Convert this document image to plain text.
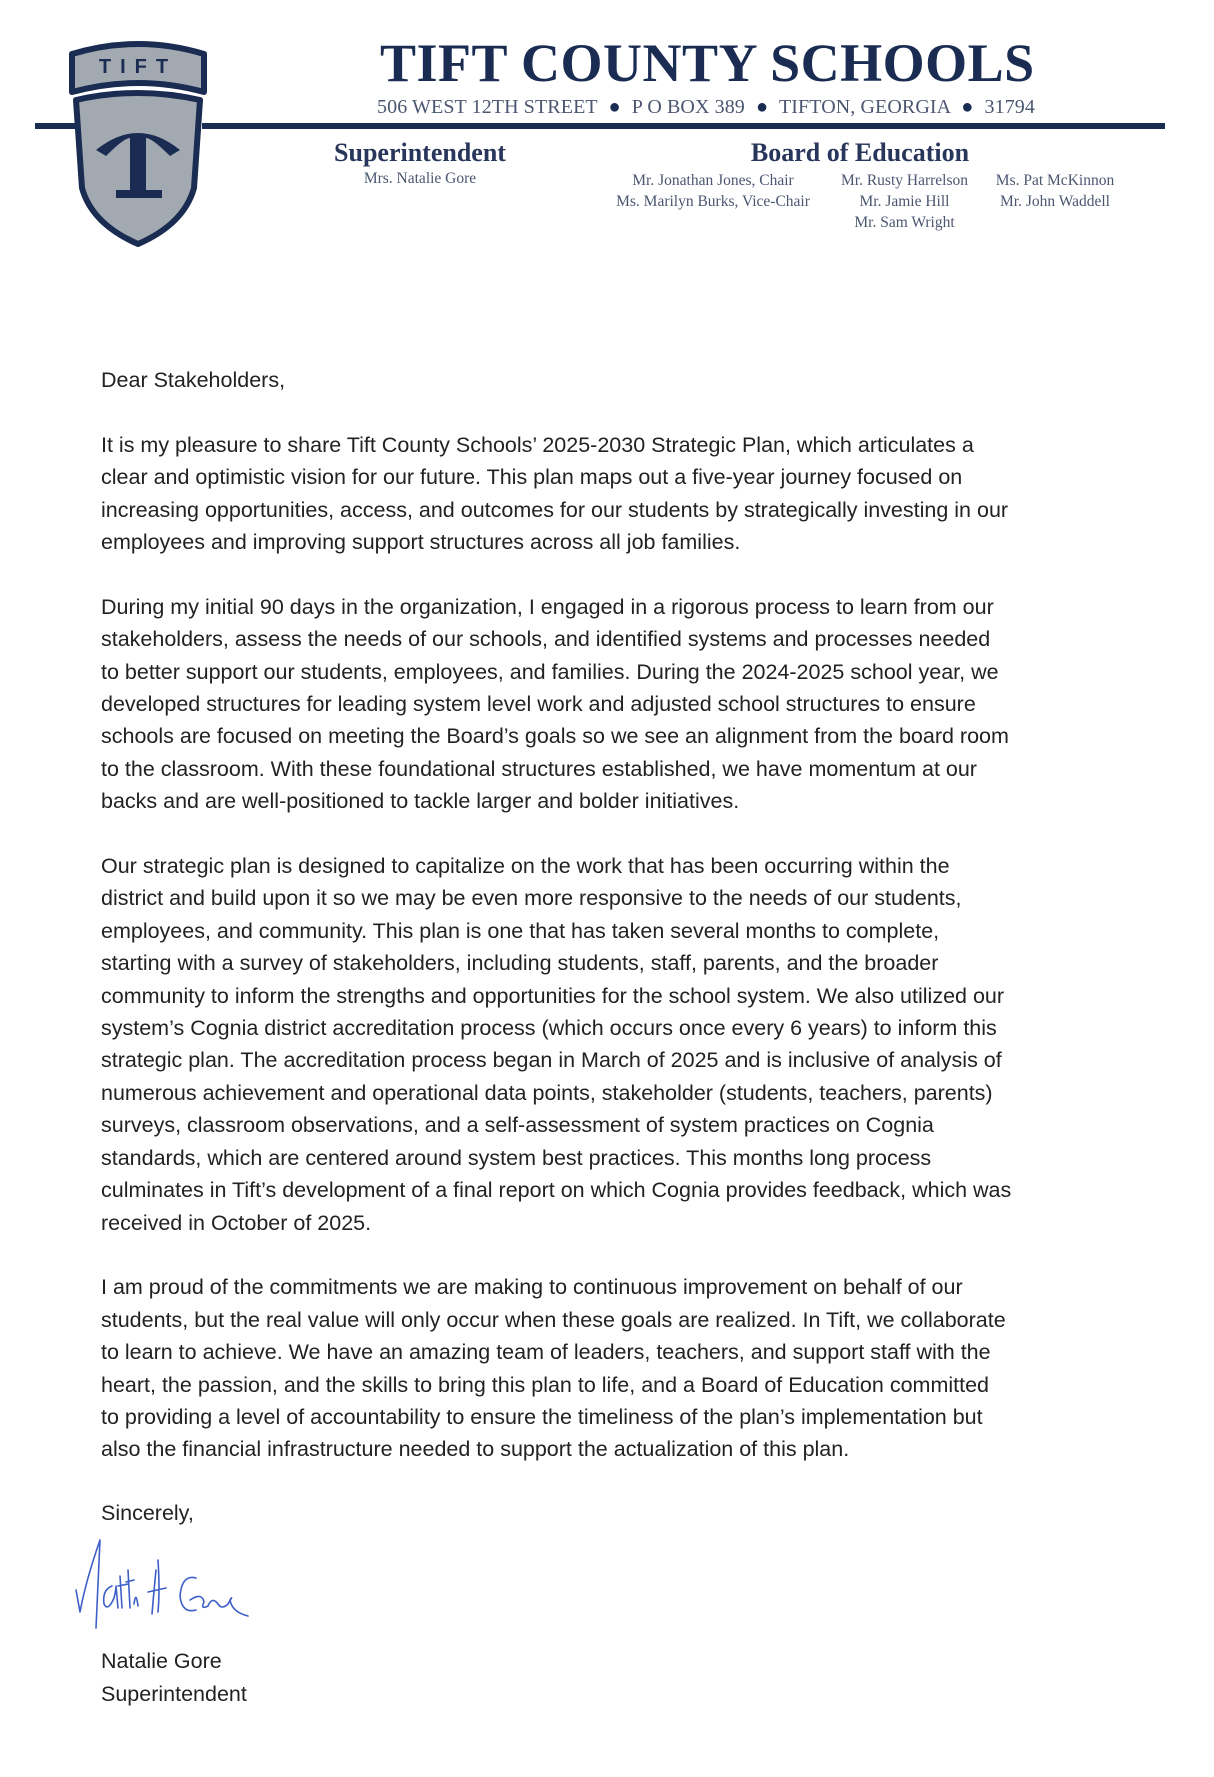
TIFT	TIFT COUNTY SCHOOLS
506 WEST 12TH STREET ● P O BOX 389 ● TIFTON, GEORGIA ● 31794
Superintendent
Mrs. Natalie Gore
Board of Education
Mr. Jonathan Jones, Chair
Ms. Marilyn Burks, Vice-Chair
Mr. Rusty Harrelson
Mr. Jamie Hill
Mr. Sam Wright
Ms. Pat McKinnon
Mr. John Waddell

Dear Stakeholders,

It is my pleasure to share Tift County Schools’ 2025-2030 Strategic Plan, which articulates a
clear and optimistic vision for our future. This plan maps out a five-year journey focused on
increasing opportunities, access, and outcomes for our students by strategically investing in our
employees and improving support structures across all job families.

During my initial 90 days in the organization, I engaged in a rigorous process to learn from our
stakeholders, assess the needs of our schools, and identified systems and processes needed
to better support our students, employees, and families. During the 2024-2025 school year, we
developed structures for leading system level work and adjusted school structures to ensure
schools are focused on meeting the Board’s goals so we see an alignment from the board room
to the classroom. With these foundational structures established, we have momentum at our
backs and are well-positioned to tackle larger and bolder initiatives.

Our strategic plan is designed to capitalize on the work that has been occurring within the
district and build upon it so we may be even more responsive to the needs of our students,
employees, and community. This plan is one that has taken several months to complete,
starting with a survey of stakeholders, including students, staff, parents, and the broader
community to inform the strengths and opportunities for the school system. We also utilized our
system’s Cognia district accreditation process (which occurs once every 6 years) to inform this
strategic plan. The accreditation process began in March of 2025 and is inclusive of analysis of
numerous achievement and operational data points, stakeholder (students, teachers, parents)
surveys, classroom observations, and a self-assessment of system practices on Cognia
standards, which are centered around system best practices. This months long process
culminates in Tift’s development of a final report on which Cognia provides feedback, which was
received in October of 2025.

I am proud of the commitments we are making to continuous improvement on behalf of our
students, but the real value will only occur when these goals are realized. In Tift, we collaborate
to learn to achieve. We have an amazing team of leaders, teachers, and support staff with the
heart, the passion, and the skills to bring this plan to life, and a Board of Education committed
to providing a level of accountability to ensure the timeliness of the plan’s implementation but
also the financial infrastructure needed to support the actualization of this plan.

Sincerely,
Natalie Gore
Superintendent
